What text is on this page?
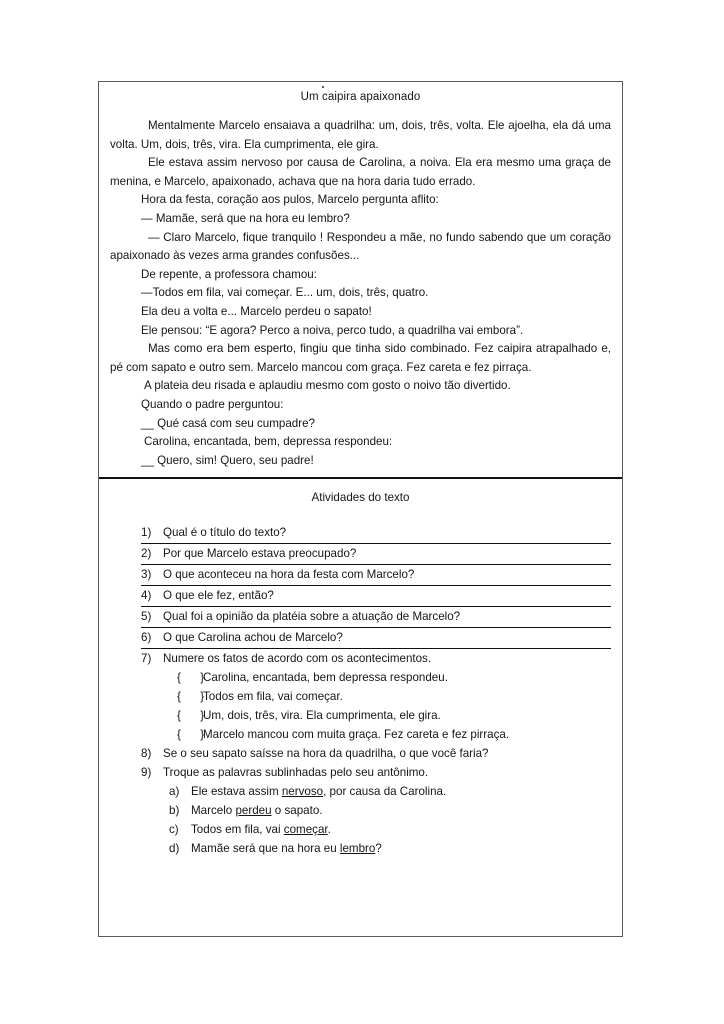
Um caipira apaixonado

Mentalmente Marcelo ensaiava a quadrilha: um, dois, três, volta. Ele ajoelha, ela dá uma volta. Um, dois, três, vira. Ela cumprimenta, ele gira.

Ele estava assim nervoso por causa de Carolina, a noiva. Ela era mesmo uma graça de menina, e Marcelo, apaixonado, achava que na hora daria tudo errado.

Hora da festa, coração aos pulos, Marcelo pergunta aflito:

— Mamãe, será que na hora eu lembro?

— Claro Marcelo, fique tranquilo ! Respondeu a mãe, no fundo sabendo que um coração apaixonado às vezes arma grandes confusões...

De repente, a professora chamou:

—Todos em fila, vai começar. E... um, dois, três, quatro.

Ela deu a volta e... Marcelo perdeu o sapato!

Ele pensou: “E agora? Perco a noiva, perco tudo, a quadrilha vai embora”.

Mas como era bem esperto, fingiu que tinha sido combinado. Fez caipira atrapalhado e, pé com sapato e outro sem. Marcelo mancou com graça. Fez careta e fez pirraça.

A plateia deu risada e aplaudiu mesmo com gosto o noivo tão divertido.

Quando o padre perguntou:

__ Qué casá com seu cumpadre?

Carolina, encantada, bem, depressa respondeu:

__ Quero, sim! Quero, seu padre!

Atividades do texto
1)	Qual é o título do texto?
2)	Por que Marcelo estava preocupado?
3)	O que aconteceu na hora da festa com Marcelo?
4)	O que ele fez, então?
5)	Qual foi a opinião da platéia sobre a atuação de Marcelo?
6)	O que Carolina achou de Marcelo?
7)	Numere os fatos de acordo com os acontecimentos.
{      }
Carolina, encantada, bem depressa respondeu.
{      }
Todos em fila, vai começar.
{      }
Um, dois, três, vira. Ela cumprimenta, ele gira.
{      }
Marcelo mancou com muita graça. Fez careta e fez pirraça.
8)	Se o seu sapato saísse na hora da quadrilha, o que você faria?
9)	Troque as palavras sublinhadas pelo seu antônimo.
a)	Ele estava assim nervoso, por causa da Carolina.
b)	Marcelo perdeu o sapato.
c)	Todos em fila, vai começar.
d)	Mamãe será que na hora eu lembro?
